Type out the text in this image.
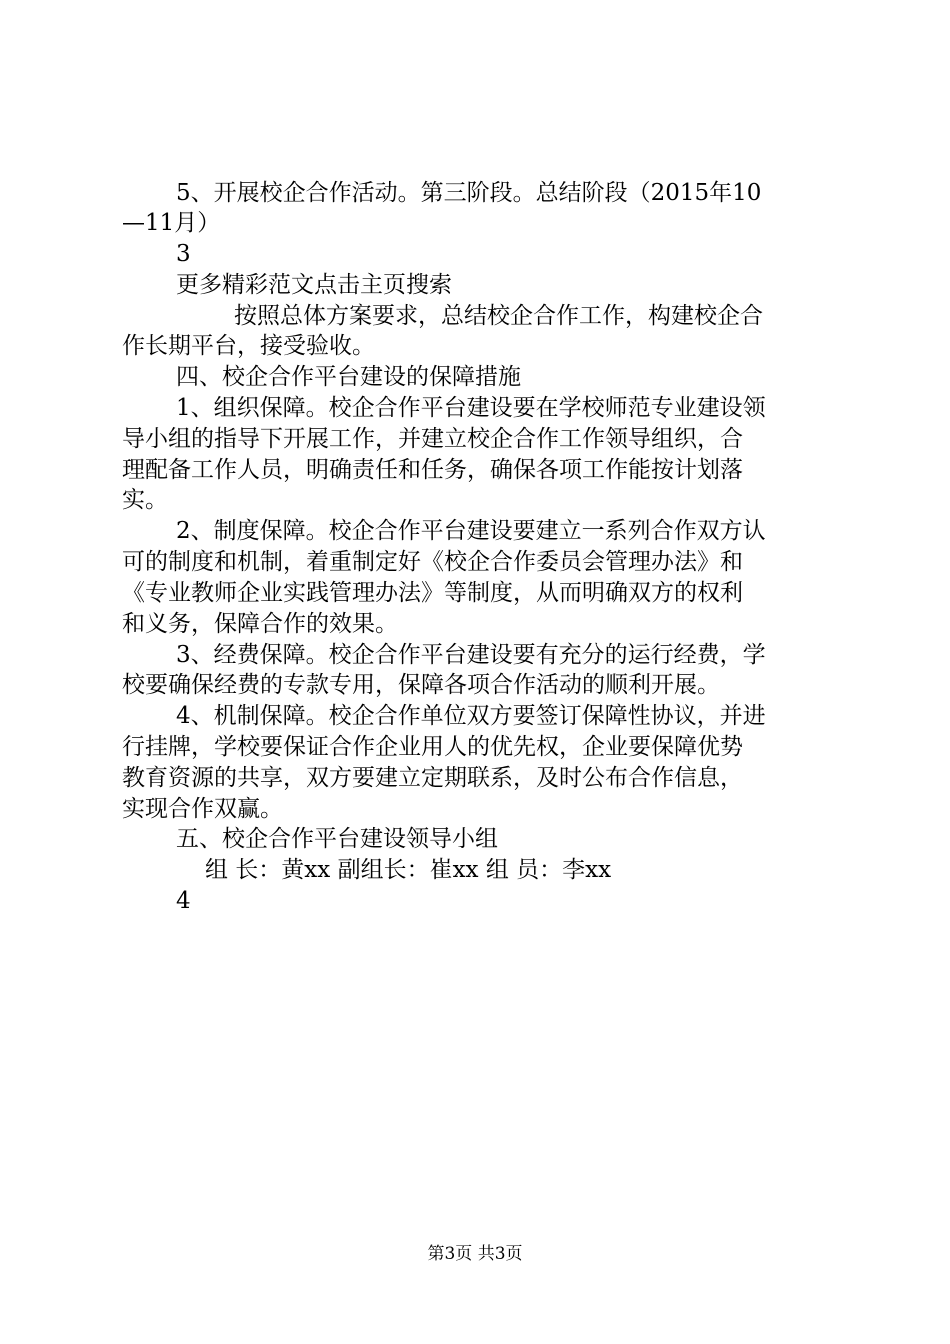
5、开展校企合作活动。第三阶段。总结阶段（2015年10
—11月）
3
更多精彩范文点击主页搜索
按照总体方案要求，总结校企合作工作，构建校企合
作长期平台，接受验收。
四、校企合作平台建设的保障措施
1、组织保障。校企合作平台建设要在学校师范专业建设领
导小组的指导下开展工作，并建立校企合作工作领导组织，合
理配备工作人员，明确责任和任务，确保各项工作能按计划落
实。
2、制度保障。校企合作平台建设要建立一系列合作双方认
可的制度和机制，着重制定好《校企合作委员会管理办法》和
《专业教师企业实践管理办法》等制度，从而明确双方的权利
和义务，保障合作的效果。
3、经费保障。校企合作平台建设要有充分的运行经费，学
校要确保经费的专款专用，保障各项合作活动的顺利开展。
4、机制保障。校企合作单位双方要签订保障性协议，并进
行挂牌，学校要保证合作企业用人的优先权，企业要保障优势
教育资源的共享，双方要建立定期联系，及时公布合作信息，
实现合作双赢。
五、校企合作平台建设领导小组
组 长：黄xx 副组长：崔xx 组 员：李xx
4
第3页 共3页
